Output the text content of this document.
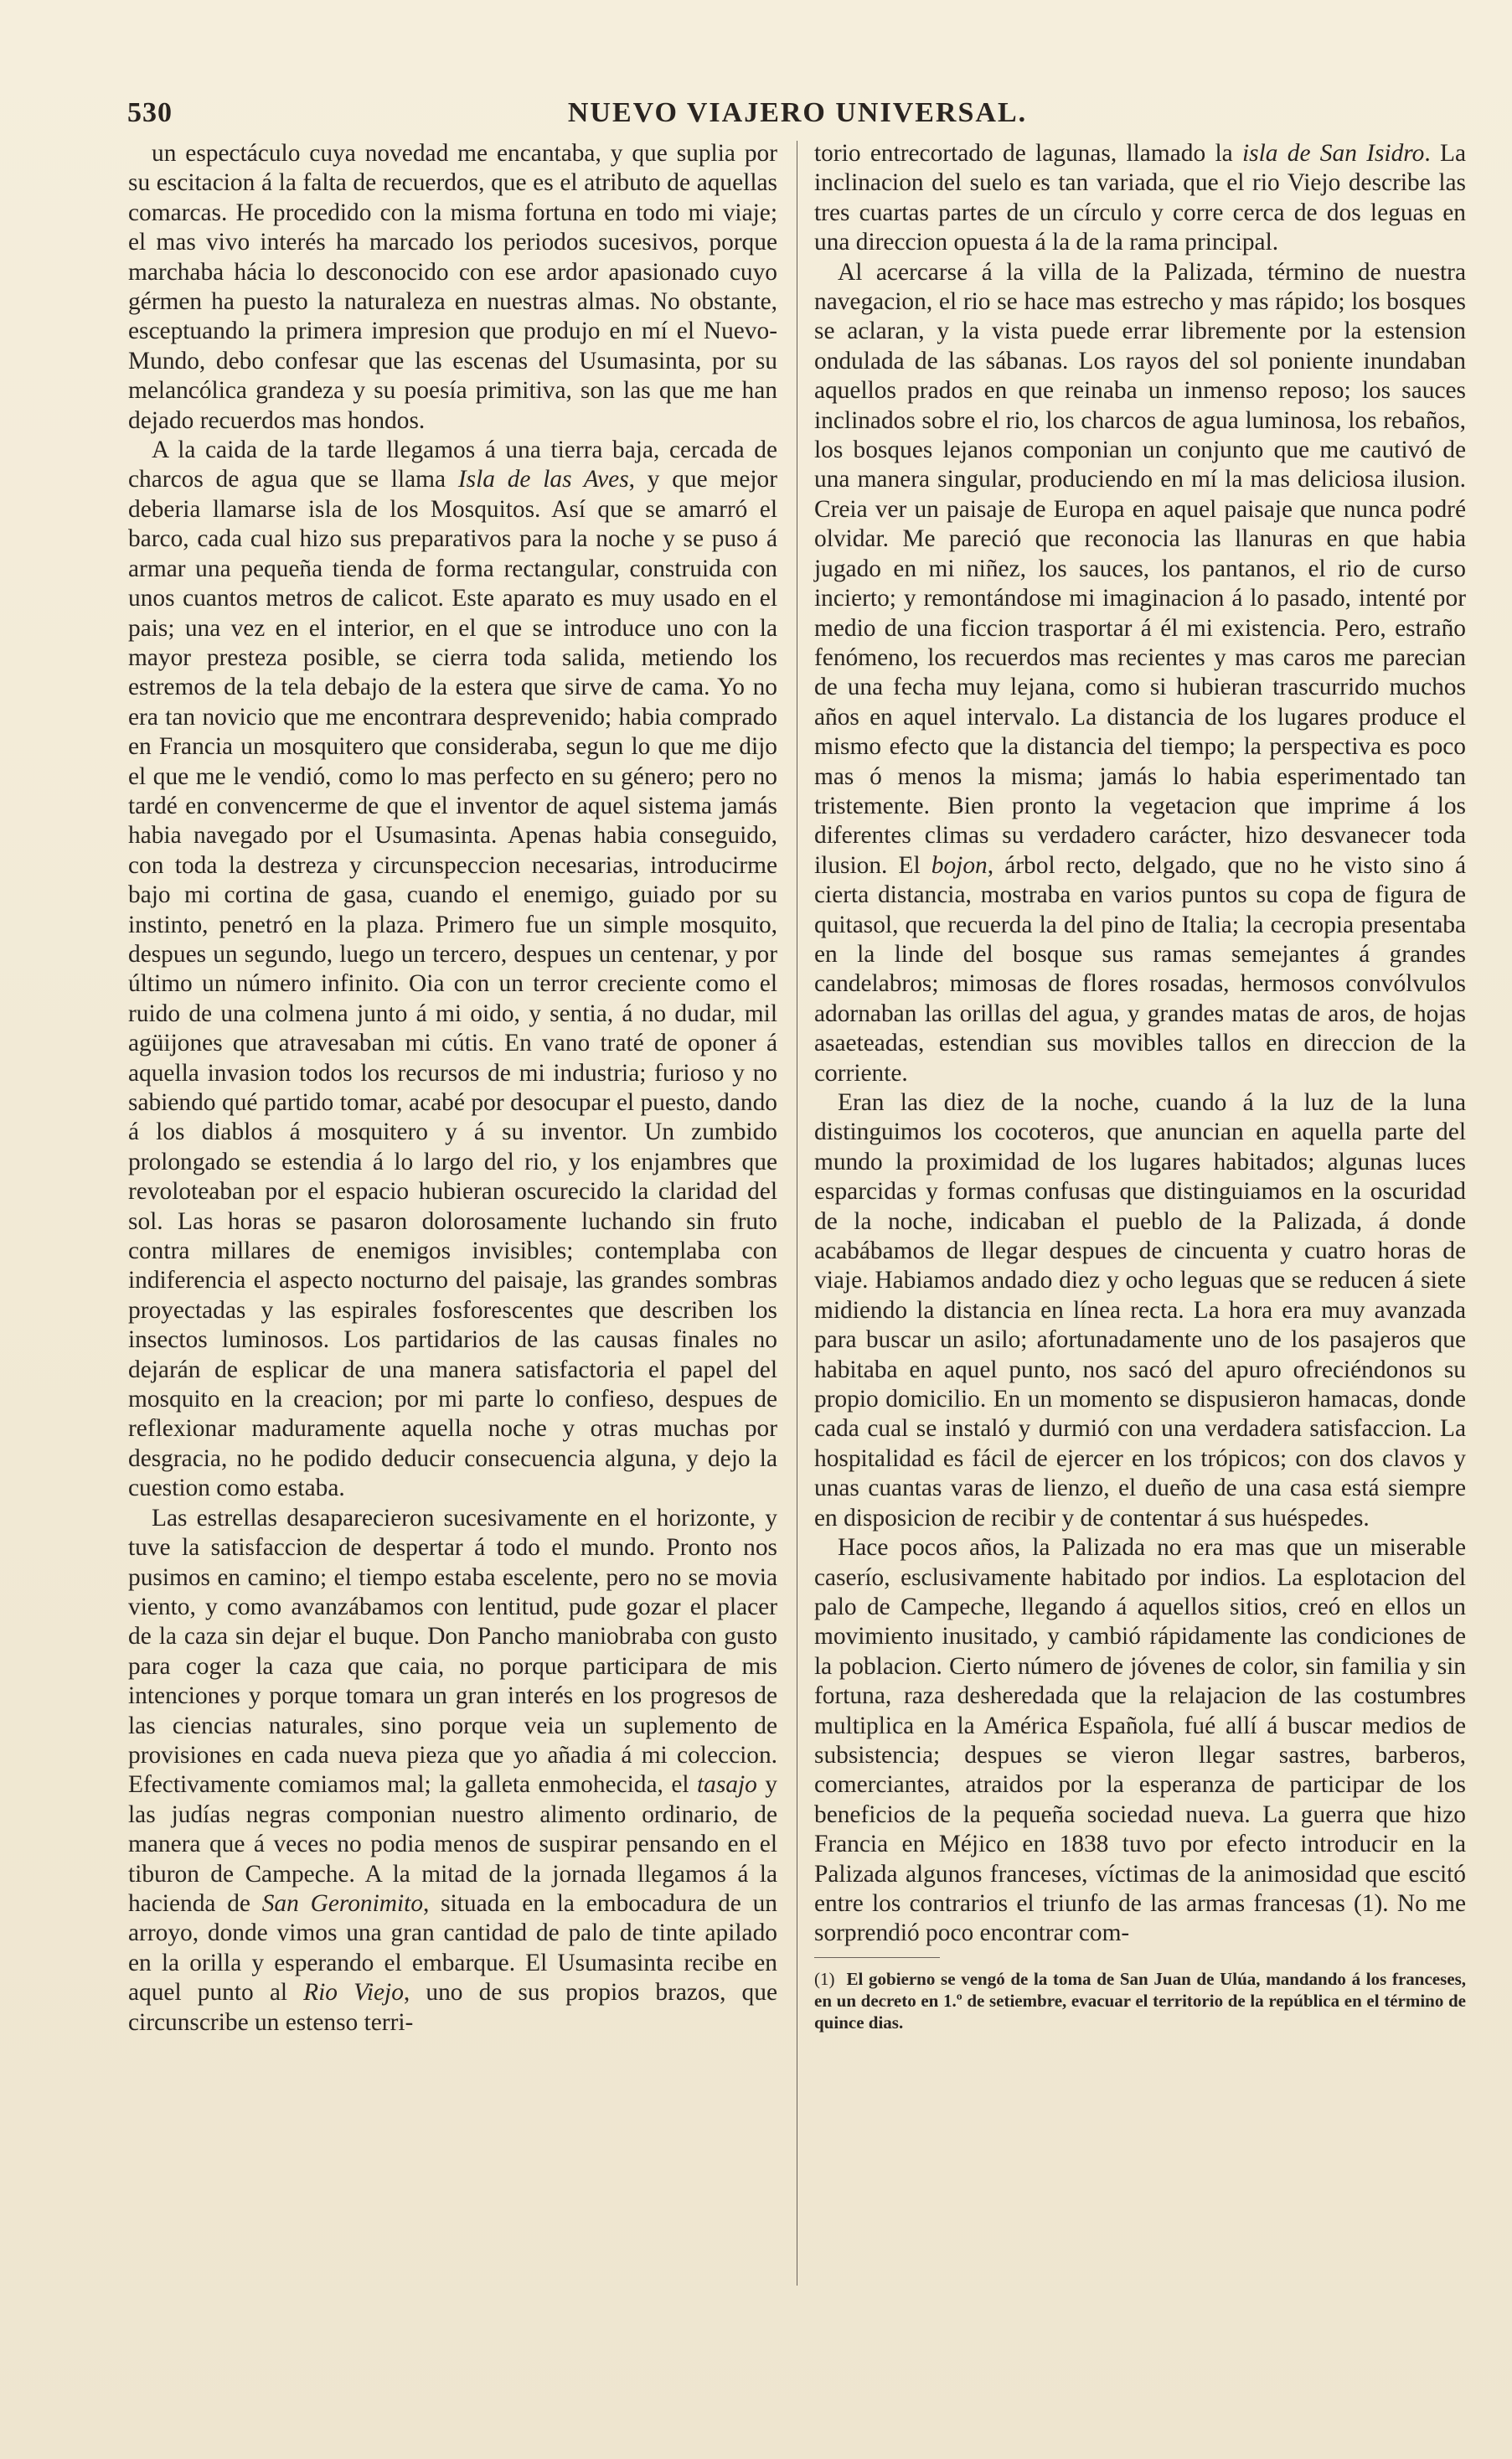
530	NUEVO VIAJERO UNIVERSAL.

un espectáculo cuya novedad me encantaba, y que suplia por su escitacion á la falta de recuerdos, que es el atributo de aquellas comarcas. He procedido con la misma fortuna en todo mi viaje; el mas vivo interés ha marcado los periodos sucesivos, porque marchaba hácia lo desconocido con ese ardor apasionado cuyo gérmen ha puesto la naturaleza en nuestras almas. No obstante, esceptuando la primera impresion que produjo en mí el Nuevo-Mundo, debo confesar que las escenas del Usumasinta, por su melancólica grandeza y su poesía primitiva, son las que me han dejado recuerdos mas hondos.

A la caida de la tarde llegamos á una tierra baja, cercada de charcos de agua que se llama Isla de las Aves, y que mejor deberia llamarse isla de los Mosquitos. Así que se amarró el barco, cada cual hizo sus preparativos para la noche y se puso á armar una pequeña tienda de forma rectangular, construida con unos cuantos metros de calicot. Este aparato es muy usado en el pais; una vez en el interior, en el que se introduce uno con la mayor presteza posible, se cierra toda salida, metiendo los estremos de la tela debajo de la estera que sirve de cama. Yo no era tan novicio que me encontrara desprevenido; habia comprado en Francia un mosquitero que consideraba, segun lo que me dijo el que me le vendió, como lo mas perfecto en su género; pero no tardé en convencerme de que el inventor de aquel sistema jamás habia navegado por el Usumasinta. Apenas habia conseguido, con toda la destreza y circunspeccion necesarias, introducirme bajo mi cortina de gasa, cuando el enemigo, guiado por su instinto, penetró en la plaza. Primero fue un simple mosquito, despues un segundo, luego un tercero, despues un centenar, y por último un número infinito. Oia con un terror creciente como el ruido de una colmena junto á mi oido, y sentia, á no dudar, mil agüijones que atravesaban mi cútis. En vano traté de oponer á aquella invasion todos los recursos de mi industria; furioso y no sabiendo qué partido tomar, acabé por desocupar el puesto, dando á los diablos á mosquitero y á su inventor. Un zumbido prolongado se estendia á lo largo del rio, y los enjambres que revoloteaban por el espacio hubieran oscurecido la claridad del sol. Las horas se pasaron dolorosamente luchando sin fruto contra millares de enemigos invisibles; contemplaba con indiferencia el aspecto nocturno del paisaje, las grandes sombras proyectadas y las espirales fosforescentes que describen los insectos luminosos. Los partidarios de las causas finales no dejarán de esplicar de una manera satisfactoria el papel del mosquito en la creacion; por mi parte lo confieso, despues de reflexionar maduramente aquella noche y otras muchas por desgracia, no he podido deducir consecuencia alguna, y dejo la cuestion como estaba.

Las estrellas desaparecieron sucesivamente en el horizonte, y tuve la satisfaccion de despertar á todo el mundo. Pronto nos pusimos en camino; el tiempo estaba escelente, pero no se movia viento, y como avanzábamos con lentitud, pude gozar el placer de la caza sin dejar el buque. Don Pancho maniobraba con gusto para coger la caza que caia, no porque participara de mis intenciones y porque tomara un gran interés en los progresos de las ciencias naturales, sino porque veia un suplemento de provisiones en cada nueva pieza que yo añadia á mi coleccion. Efectivamente comiamos mal; la galleta enmohecida, el tasajo y las judías negras componian nuestro alimento ordinario, de manera que á veces no podia menos de suspirar pensando en el tiburon de Campeche. A la mitad de la jornada llegamos á la hacienda de San Geronimito, situada en la embocadura de un arroyo, donde vimos una gran cantidad de palo de tinte apilado en la orilla y esperando el embarque. El Usumasinta recibe en aquel punto al Rio Viejo, uno de sus propios brazos, que circunscribe un estenso terri-

torio entrecortado de lagunas, llamado la isla de San Isidro. La inclinacion del suelo es tan variada, que el rio Viejo describe las tres cuartas partes de un círculo y corre cerca de dos leguas en una direccion opuesta á la de la rama principal.

Al acercarse á la villa de la Palizada, término de nuestra navegacion, el rio se hace mas estrecho y mas rápido; los bosques se aclaran, y la vista puede errar libremente por la estension ondulada de las sábanas. Los rayos del sol poniente inundaban aquellos prados en que reinaba un inmenso reposo; los sauces inclinados sobre el rio, los charcos de agua luminosa, los rebaños, los bosques lejanos componian un conjunto que me cautivó de una manera singular, produciendo en mí la mas deliciosa ilusion. Creia ver un paisaje de Europa en aquel paisaje que nunca podré olvidar. Me pareció que reconocia las llanuras en que habia jugado en mi niñez, los sauces, los pantanos, el rio de curso incierto; y remontándose mi imaginacion á lo pasado, intenté por medio de una ficcion trasportar á él mi existencia. Pero, estraño fenómeno, los recuerdos mas recientes y mas caros me parecian de una fecha muy lejana, como si hubieran trascurrido muchos años en aquel intervalo. La distancia de los lugares produce el mismo efecto que la distancia del tiempo; la perspectiva es poco mas ó menos la misma; jamás lo habia esperimentado tan tristemente. Bien pronto la vegetacion que imprime á los diferentes climas su verdadero carácter, hizo desvanecer toda ilusion. El bojon, árbol recto, delgado, que no he visto sino á cierta distancia, mostraba en varios puntos su copa de figura de quitasol, que recuerda la del pino de Italia; la cecropia presentaba en la linde del bosque sus ramas semejantes á grandes candelabros; mimosas de flores rosadas, hermosos convólvulos adornaban las orillas del agua, y grandes matas de aros, de hojas asaeteadas, estendian sus movibles tallos en direccion de la corriente.

Eran las diez de la noche, cuando á la luz de la luna distinguimos los cocoteros, que anuncian en aquella parte del mundo la proximidad de los lugares habitados; algunas luces esparcidas y formas confusas que distinguiamos en la oscuridad de la noche, indicaban el pueblo de la Palizada, á donde acabábamos de llegar despues de cincuenta y cuatro horas de viaje. Habiamos andado diez y ocho leguas que se reducen á siete midiendo la distancia en línea recta. La hora era muy avanzada para buscar un asilo; afortunadamente uno de los pasajeros que habitaba en aquel punto, nos sacó del apuro ofreciéndonos su propio domicilio. En un momento se dispusieron hamacas, donde cada cual se instaló y durmió con una verdadera satisfaccion. La hospitalidad es fácil de ejercer en los trópicos; con dos clavos y unas cuantas varas de lienzo, el dueño de una casa está siempre en disposicion de recibir y de contentar á sus huéspedes.

Hace pocos años, la Palizada no era mas que un miserable caserío, esclusivamente habitado por indios. La esplotacion del palo de Campeche, llegando á aquellos sitios, creó en ellos un movimiento inusitado, y cambió rápidamente las condiciones de la poblacion. Cierto número de jóvenes de color, sin familia y sin fortuna, raza desheredada que la relajacion de las costumbres multiplica en la América Española, fué allí á buscar medios de subsistencia; despues se vieron llegar sastres, barberos, comerciantes, atraidos por la esperanza de participar de los beneficios de la pequeña sociedad nueva. La guerra que hizo Francia en Méjico en 1838 tuvo por efecto introducir en la Palizada algunos franceses, víctimas de la animosidad que escitó entre los contrarios el triunfo de las armas francesas (1). No me sorprendió poco encontrar com-

(1) El gobierno se vengó de la toma de San Juan de Ulúa, mandando á los franceses, en un decreto en 1.º de setiembre, evacuar el territorio de la república en el término de quince dias.
